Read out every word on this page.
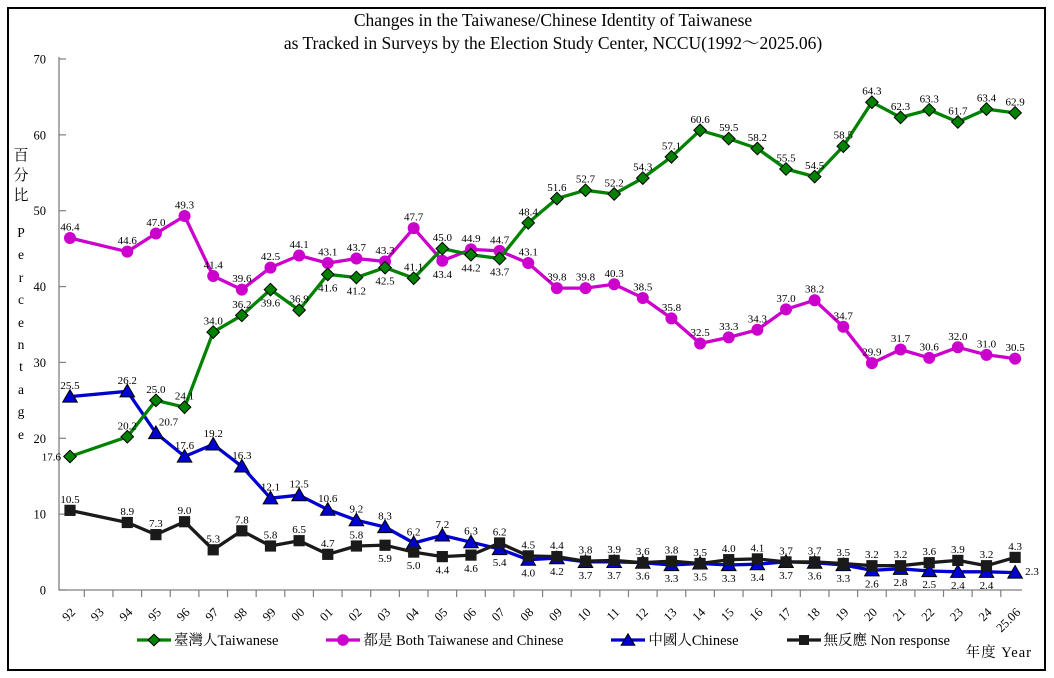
Changes in the Taiwanese/Chinese Identity of Taiwanese
as Tracked in Surveys by the Election Study Center, NCCU(1992～2025.06)
百
分
比
P
e
r
c
e
n
t
a
g
e
0
10
20
30
40
50
60
70
92 93 94 95 96 97 98 99 00 01 02 03 04 05 06 07 08 09 10 11 12 13 14 15 16 17 18 19 20 21 22 23 24
25.06
25.5	26.2
20.7
17.6
19.2
16.3
12.1 12.5
10.6
9.2
8.3
6.2
7.2
6.3
5.4
4.0 4.2 3.7 3.7 3.6 3.3 3.5 3.3 3.4 3.7 3.6 3.3 2.6 2.8 2.5 2.4 2.4
2.3
10.5
8.9
7.3
9.0
5.3
7.8
5.8 6.5
4.7
5.8
5.9
5.0 4.4 4.6
6.2
4.5 4.4 3.8 3.9 3.6 3.8 3.5 4.0 4.1 3.7 3.7 3.5 3.2 3.2 3.6 3.9 3.2
4.3
46.4
44.6
47.0
49.3
41.4
39.6
42.5
44.1
43.1 43.7 43.3
47.7
43.4
44.9 44.7
43.1
39.8 39.8 40.3
38.5
35.8
32.5
33.3
34.3
37.0
38.2
34.7
29.9
31.7
30.6
32.0
31.0 30.5
17.6
20.2
25.0
24.1
34.0
36.2 39.6 36.9
41.6 41.2
42.5
41.1
45.0
44.2 43.7
48.4
51.6
52.7 52.2
54.3
57.1
60.6
59.5
58.2
55.5
54.5
58.5
64.3
62.3
63.3
61.7
63.4 62.9
臺灣人Taiwanese	都是 Both Taiwanese and Chinese	中國人Chinese	無反應 Non response
年度 Year
